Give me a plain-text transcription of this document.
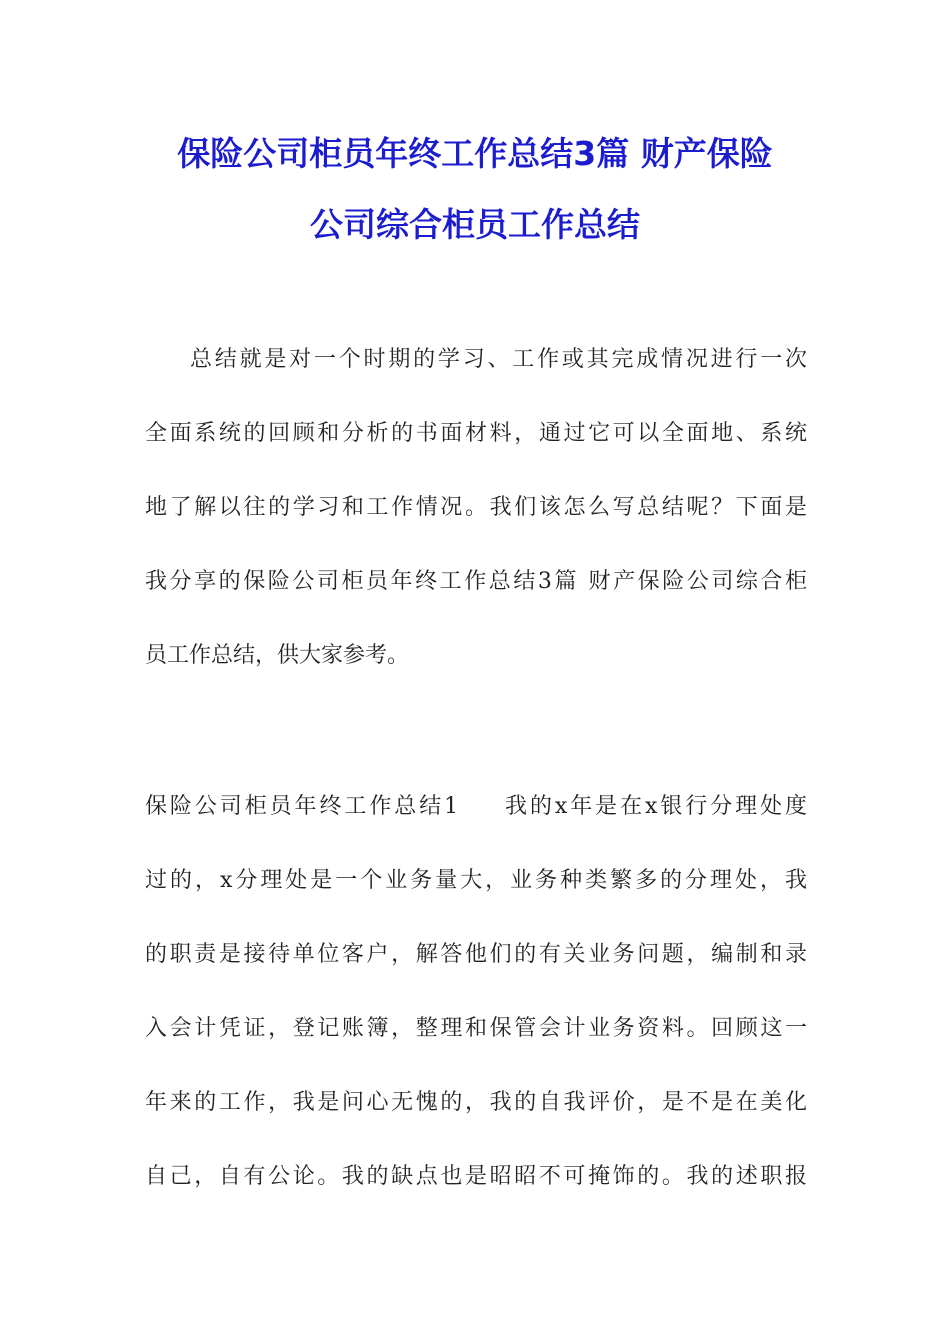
保险公司柜员年终工作总结3篇 财产保险
公司综合柜员工作总结
总结就是对一个时期的学习、工作或其完成情况进行一次
全面系统的回顾和分析的书面材料，通过它可以全面地、系统
地了解以往的学习和工作情况。我们该怎么写总结呢？下面是
我分享的保险公司柜员年终工作总结3篇 财产保险公司综合柜
员工作总结，供大家参考。
保险公司柜员年终工作总结1 我的x年是在x银行分理处度
过的，x分理处是一个业务量大，业务种类繁多的分理处，我
的职责是接待单位客户，解答他们的有关业务问题，编制和录
入会计凭证，登记账簿，整理和保管会计业务资料。回顾这一
年来的工作，我是问心无愧的，我的自我评价，是不是在美化
自己，自有公论。我的缺点也是昭昭不可掩饰的。我的述职报
